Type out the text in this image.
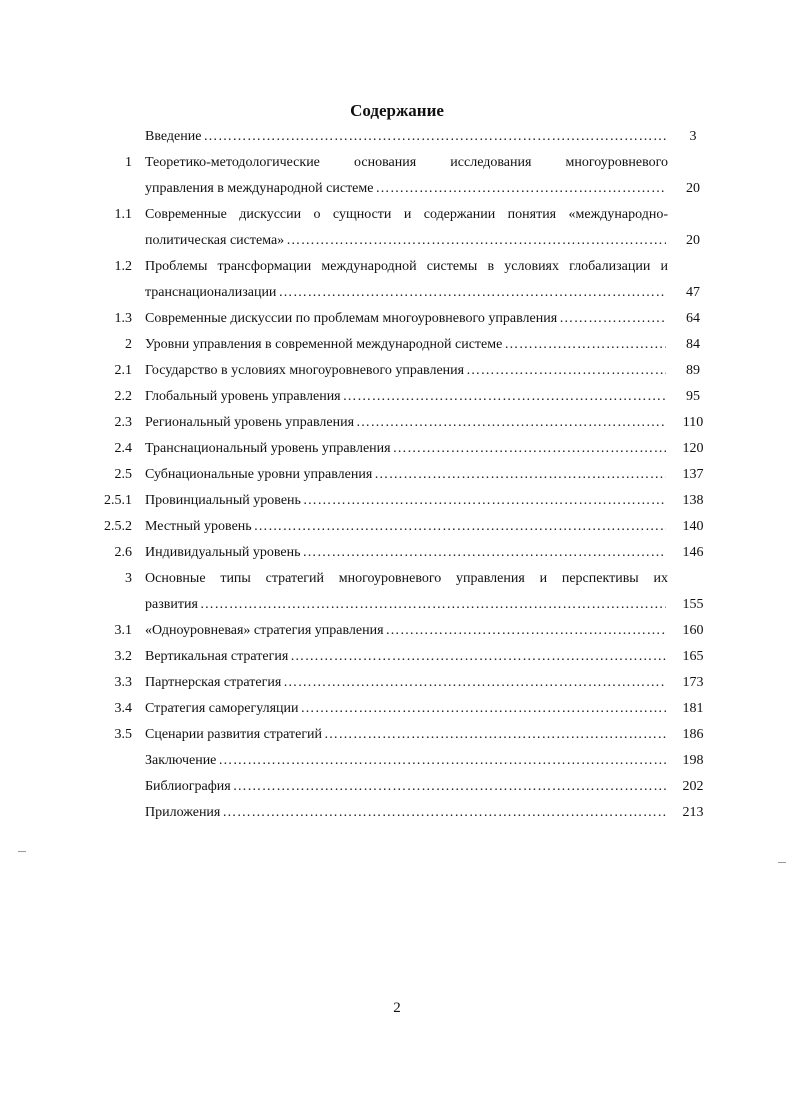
Содержание
Введение …………………………………………………………………………………………………………………………………………	3
1 Теоретико-методологические основания исследования многоуровневого
управления в международной системе …………………………………………………………………………………………………………………………………………	20
1.1 Современные дискуссии о сущности и содержании понятия «международно-
политическая система» …………………………………………………………………………………………………………………………………………	20
1.2 Проблемы трансформации международной системы в условиях глобализации и
транснационализации …………………………………………………………………………………………………………………………………………	47
1.3 Современные дискуссии по проблемам многоуровневого управления …………………………………………………………………………………………………………………………………………	64
2 Уровни управления в современной международной системе …………………………………………………………………………………………………………………………………………	84
2.1 Государство в условиях многоуровневого управления …………………………………………………………………………………………………………………………………………	89
2.2 Глобальный уровень управления …………………………………………………………………………………………………………………………………………	95
2.3 Региональный уровень управления …………………………………………………………………………………………………………………………………………	110
2.4 Транснациональный уровень управления …………………………………………………………………………………………………………………………………………	120
2.5 Субнациональные уровни управления …………………………………………………………………………………………………………………………………………	137
2.5.1 Провинциальный уровень …………………………………………………………………………………………………………………………………………	138
2.5.2 Местный уровень …………………………………………………………………………………………………………………………………………	140
2.6 Индивидуальный уровень …………………………………………………………………………………………………………………………………………	146
3 Основные типы стратегий многоуровневого управления и перспективы их
развития …………………………………………………………………………………………………………………………………………	155
3.1 «Одноуровневая» стратегия управления …………………………………………………………………………………………………………………………………………	160
3.2 Вертикальная стратегия …………………………………………………………………………………………………………………………………………	165
3.3 Партнерская стратегия …………………………………………………………………………………………………………………………………………	173
3.4 Стратегия саморегуляции …………………………………………………………………………………………………………………………………………	181
3.5 Сценарии развития стратегий …………………………………………………………………………………………………………………………………………	186
Заключение …………………………………………………………………………………………………………………………………………	198
Библиография …………………………………………………………………………………………………………………………………………	202
Приложения …………………………………………………………………………………………………………………………………………	213
2
